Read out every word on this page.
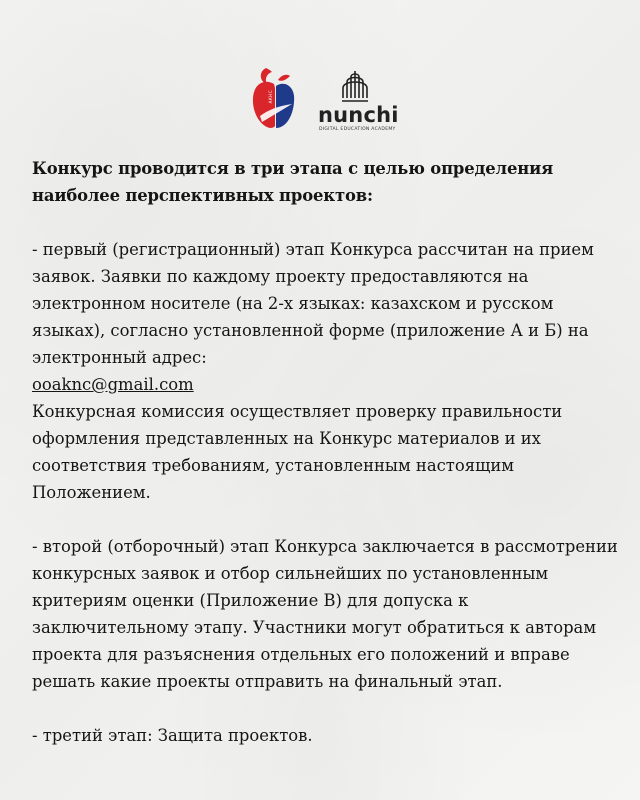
АКНС
nunchi
DIGITAL EDUCATION ACADEMY

Конкурс проводится в три этапа с целью определения наиболее перспективных проектов:

- первый (регистрационный) этап Конкурса рассчитан на прием заявок. Заявки по каждому проекту предоставляются на электронном носителе (на 2-х языках: казахском и русском языках), согласно установленной форме (приложение А и Б) на электронный адрес:
ooaknc@gmail.com

Конкурсная комиссия осуществляет проверку правильности оформления представленных на Конкурс материалов и их соответствия требованиям, установленным настоящим Положением.

- второй (отборочный) этап Конкурса заключается в рассмотрении конкурсных заявок и отбор сильнейших по установленным критериям оценки (Приложение В) для допуска к заключительному этапу. Участники могут обратиться к авторам проекта для разъяснения отдельных его положений и вправе решать какие проекты отправить на финальный этап.

- третий этап: Защита проектов.
